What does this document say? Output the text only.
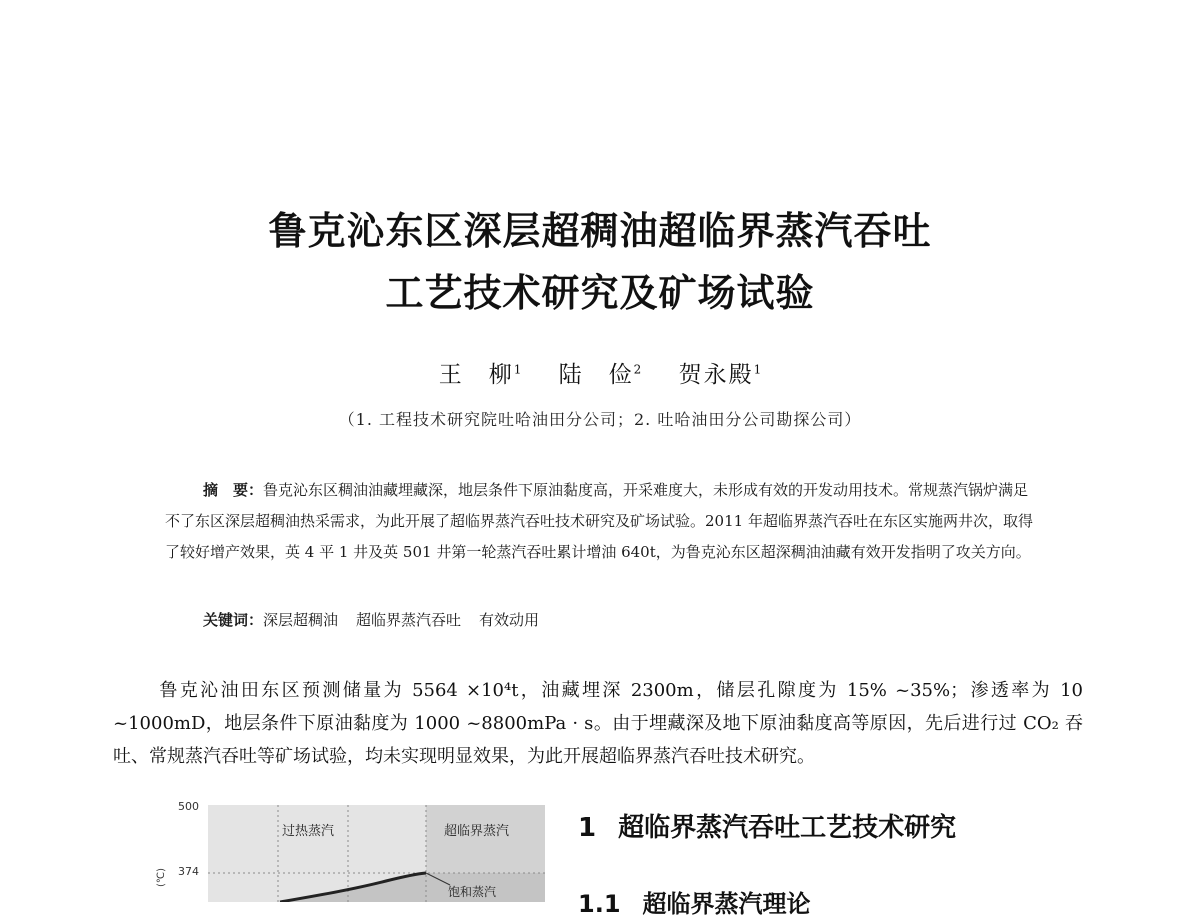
鲁克沁东区深层超稠油超临界蒸汽吞吐
工艺技术研究及矿场试验
王　柳$^1$ 陆　俭$^2$ 贺永殿$^1$
（1. 工程技术研究院吐哈油田分公司；2. 吐哈油田分公司勘探公司）
摘　要：鲁克沁东区稠油油藏埋藏深，地层条件下原油黏度高，开采难度大，未形成有效的开发动用技术。常规蒸汽锅炉满足不了东区深层超稠油热采需求，为此开展了超临界蒸汽吞吐技术研究及矿场试验。2011 年超临界蒸汽吞吐在东区实施两井次，取得了较好增产效果，英 4 平 1 井及英 501 井第一轮蒸汽吞吐累计增油 640t，为鲁克沁东区超深稠油油藏有效开发指明了攻关方向。
关键词：深层超稠油 超临界蒸汽吞吐 有效动用
鲁克沁油田东区预测储量为 5564 ×10⁴t，油藏埋深 2300m，储层孔隙度为 15% ~35%；渗透率为 10 ~1000mD，地层条件下原油黏度为 1000 ~8800mPa · s。由于埋藏深及地下原油黏度高等原因，先后进行过 CO₂ 吞吐、常规蒸汽吞吐等矿场试验，均未实现明显效果，为此开展超临界蒸汽吞吐技术研究。
500
374
(℃)
过热蒸汽	超临界蒸汽
饱和蒸汽
1 超临界蒸汽吞吐工艺技术研究
1.1 超临界蒸汽理论
